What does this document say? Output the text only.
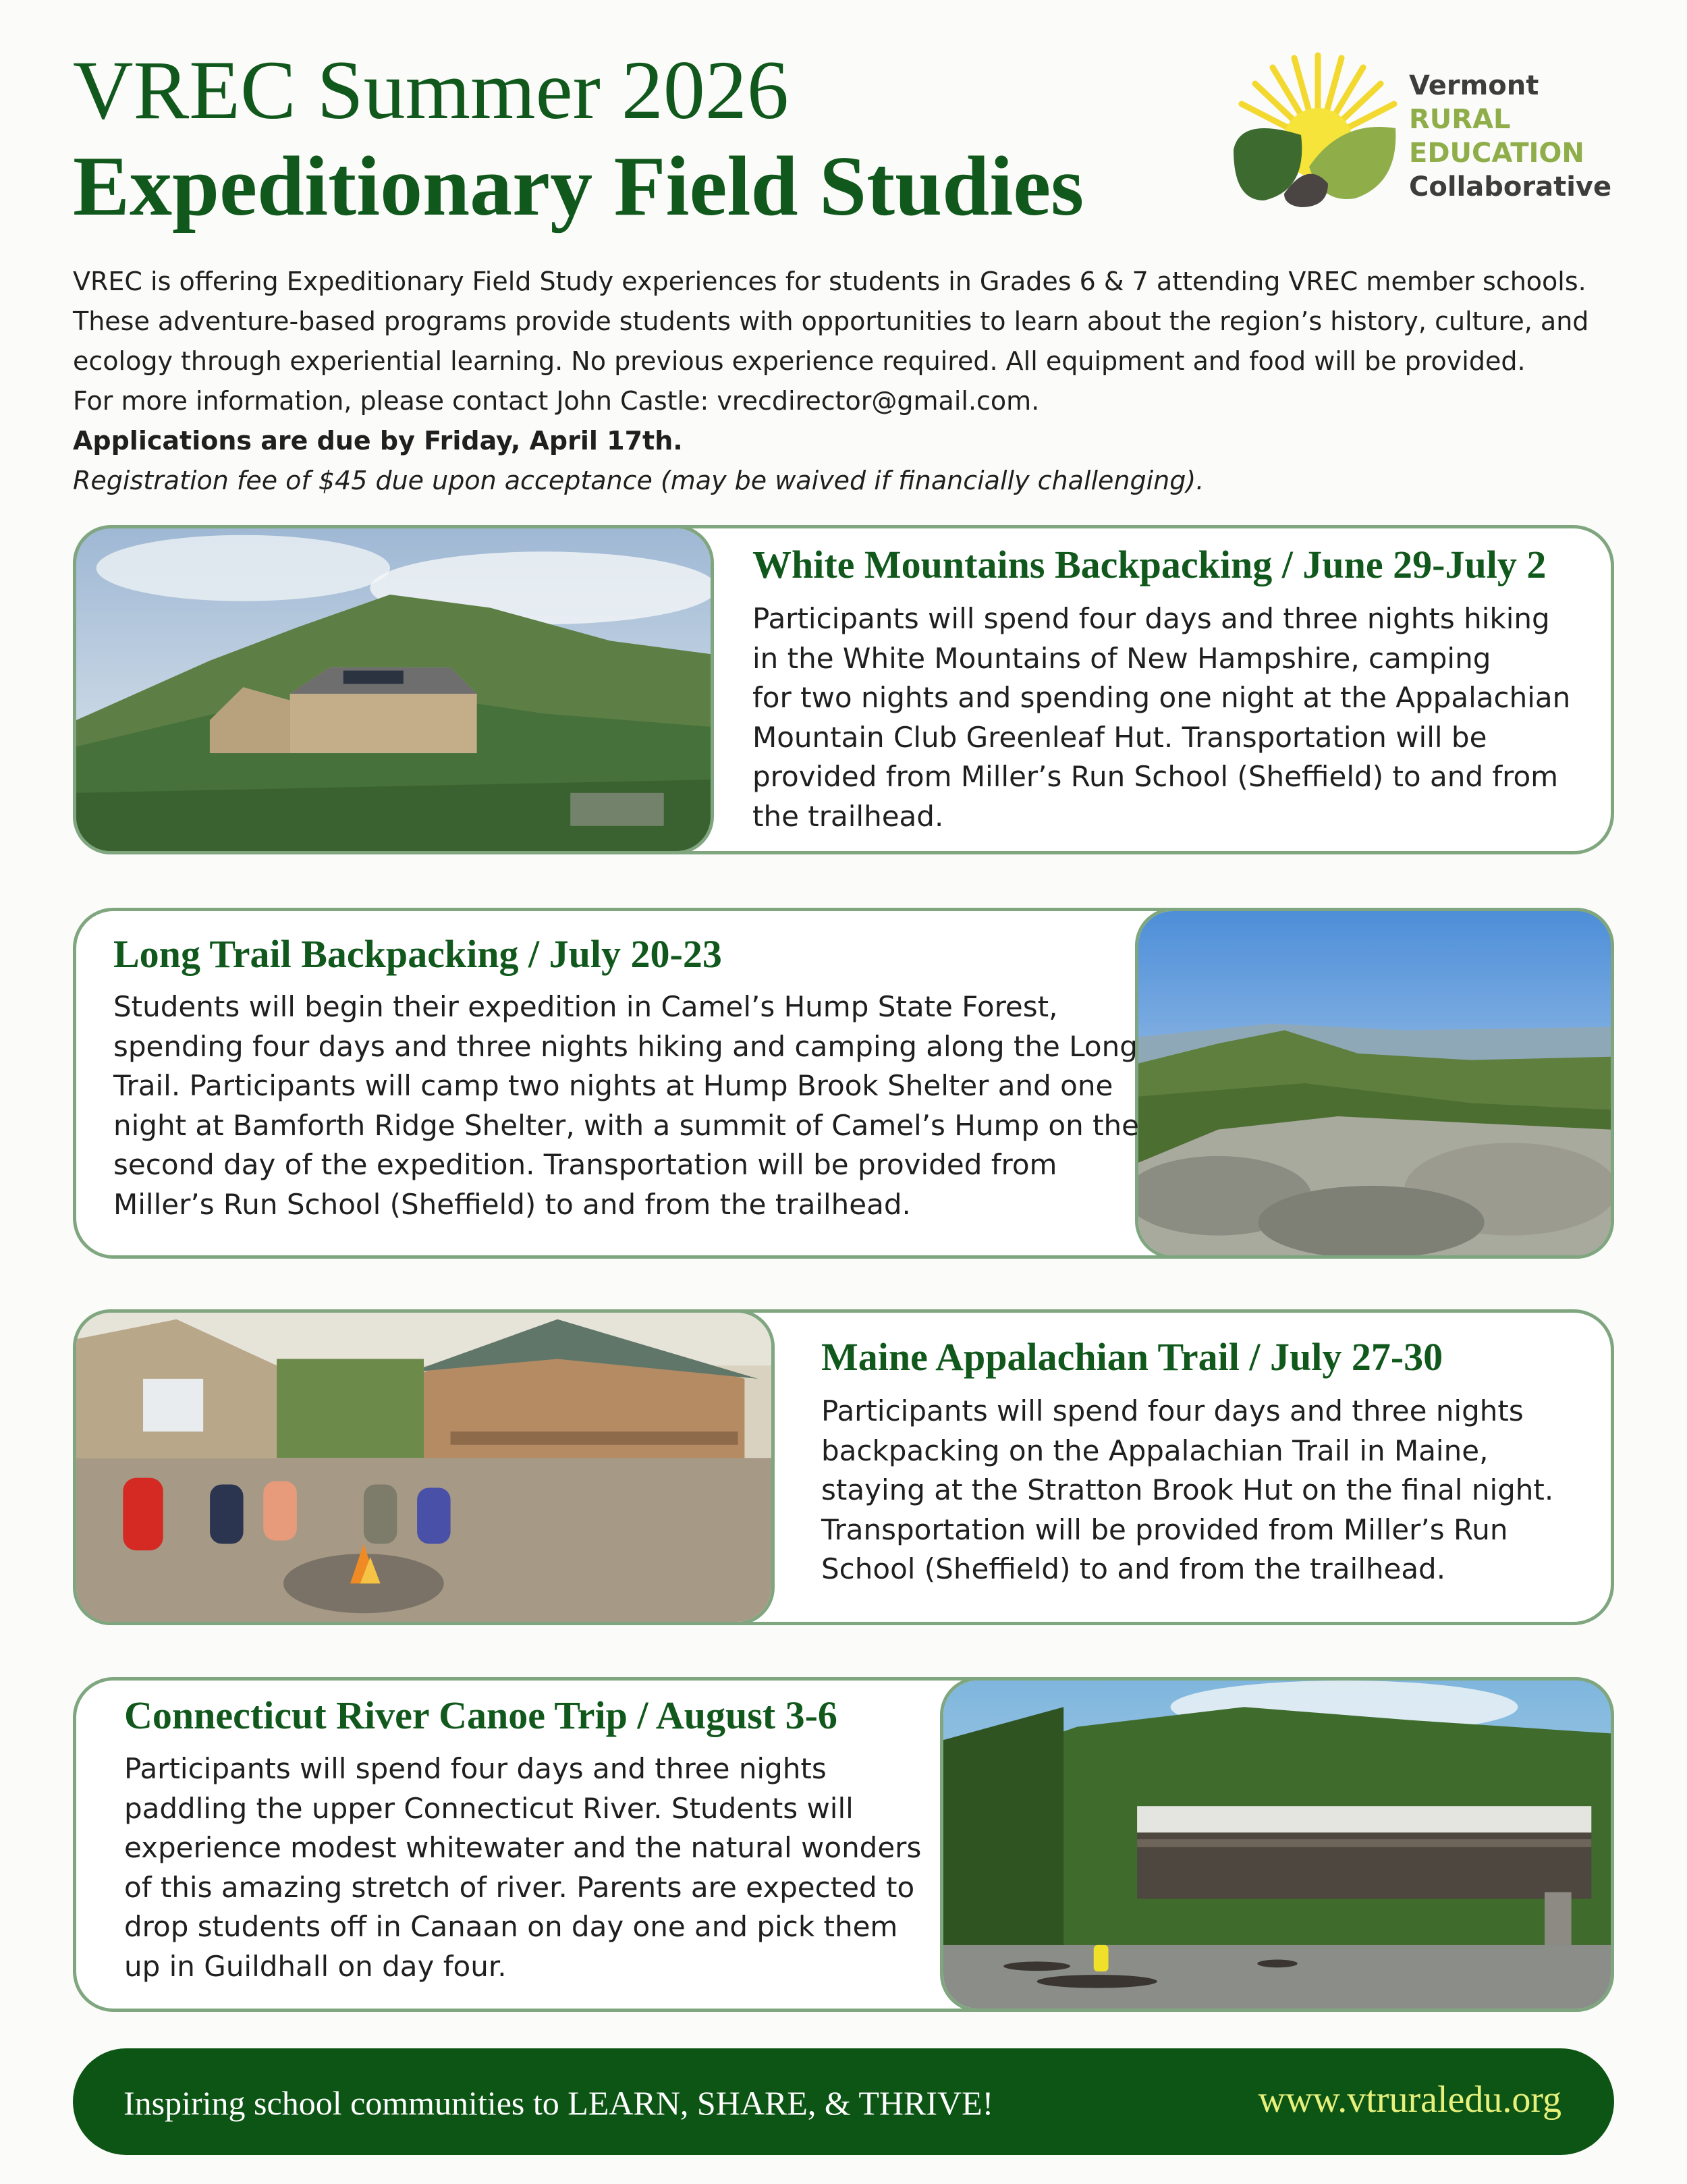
VREC Summer 2026
Expeditionary Field Studies
Vermont
RURAL
EDUCATION
Collaborative

VREC is offering Expeditionary Field Study experiences for students in Grades 6 & 7 attending VREC member schools.

These adventure-based programs provide students with opportunities to learn about the region’s history, culture, and

ecology through experiential learning. No previous experience required. All equipment and food will be provided.

For more information, please contact John Castle: vrecdirector@gmail.com.

Applications are due by Friday, April 17th.

Registration fee of $45 due upon acceptance (may be waived if financially challenging).

White Mountains Backpacking / June 29-July 2
Participants will spend four days and three nights hiking
in the White Mountains of New Hampshire, camping
for two nights and spending one night at the Appalachian
Mountain Club Greenleaf Hut. Transportation will be
provided from Miller’s Run School (Sheffield) to and from
the trailhead.
Long Trail Backpacking / July 20-23
Students will begin their expedition in Camel’s Hump State Forest,
spending four days and three nights hiking and camping along the Long
Trail. Participants will camp two nights at Hump Brook Shelter and one
night at Bamforth Ridge Shelter, with a summit of Camel’s Hump on the
second day of the expedition. Transportation will be provided from
Miller’s Run School (Sheffield) to and from the trailhead.
Maine Appalachian Trail / July 27-30
Participants will spend four days and three nights
backpacking on the Appalachian Trail in Maine,
staying at the Stratton Brook Hut on the final night.
Transportation will be provided from Miller’s Run
School (Sheffield) to and from the trailhead.
Connecticut River Canoe Trip / August 3-6
Participants will spend four days and three nights
paddling the upper Connecticut River. Students will
experience modest whitewater and the natural wonders
of this amazing stretch of river. Parents are expected to
drop students off in Canaan on day one and pick them
up in Guildhall on day four.
Inspiring school communities to LEARN, SHARE, & THRIVE!	www.vtruraledu.org
